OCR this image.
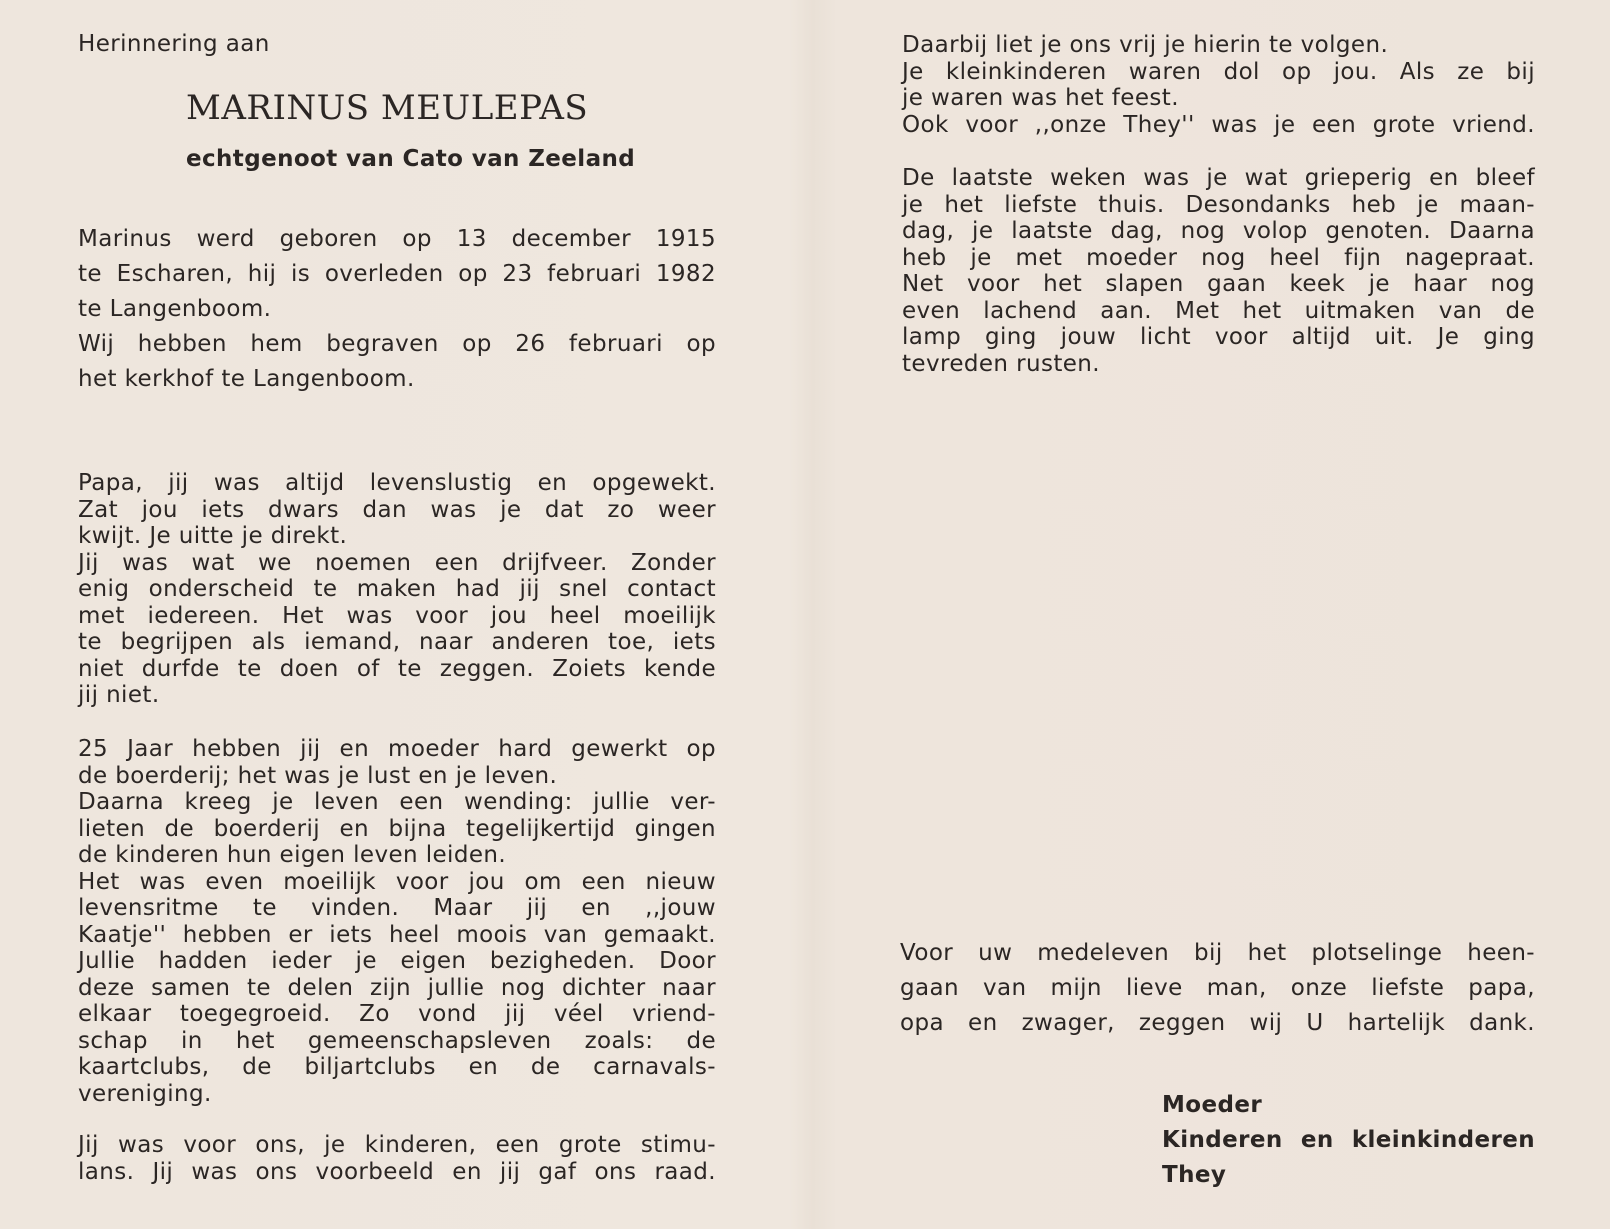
Herinnering aan
MARINUS MEULEPAS
echtgenoot van Cato van Zeeland
Marinus werd geboren op 13 december 1915
te Escharen, hij is overleden op 23 februari 1982
te Langenboom.
Wij hebben hem begraven op 26 februari op
het kerkhof te Langenboom.
Papa, jij was altijd levenslustig en opgewekt.
Zat jou iets dwars dan was je dat zo weer
kwijt. Je uitte je direkt.
Jij was wat we noemen een drijfveer. Zonder
enig onderscheid te maken had jij snel contact
met iedereen. Het was voor jou heel moeilijk
te begrijpen als iemand, naar anderen toe, iets
niet durfde te doen of te zeggen. Zoiets kende
jij niet.
25 Jaar hebben jij en moeder hard gewerkt op
de boerderij; het was je lust en je leven.
Daarna kreeg je leven een wending: jullie ver-
lieten de boerderij en bijna tegelijkertijd gingen
de kinderen hun eigen leven leiden.
Het was even moeilijk voor jou om een nieuw
levensritme te vinden. Maar jij en ,,jouw
Kaatje'' hebben er iets heel moois van gemaakt.
Jullie hadden ieder je eigen bezigheden. Door
deze samen te delen zijn jullie nog dichter naar
elkaar toegegroeid. Zo vond jij véel vriend-
schap in het gemeenschapsleven zoals: de
kaartclubs, de biljartclubs en de carnavals-
vereniging.
Jij was voor ons, je kinderen, een grote stimu-
lans. Jij was ons voorbeeld en jij gaf ons raad.
Daarbij liet je ons vrij je hierin te volgen.
Je kleinkinderen waren dol op jou. Als ze bij
je waren was het feest.
Ook voor ,,onze They'' was je een grote vriend.
De laatste weken was je wat grieperig en bleef
je het liefste thuis. Desondanks heb je maan-
dag, je laatste dag, nog volop genoten. Daarna
heb je met moeder nog heel fijn nagepraat.
Net voor het slapen gaan keek je haar nog
even lachend aan. Met het uitmaken van de
lamp ging jouw licht voor altijd uit. Je ging
tevreden rusten.
Voor uw medeleven bij het plotselinge heen-
gaan van mijn lieve man, onze liefste papa,
opa en zwager, zeggen wij U hartelijk dank.
Moeder
Kinderen en kleinkinderen
They
